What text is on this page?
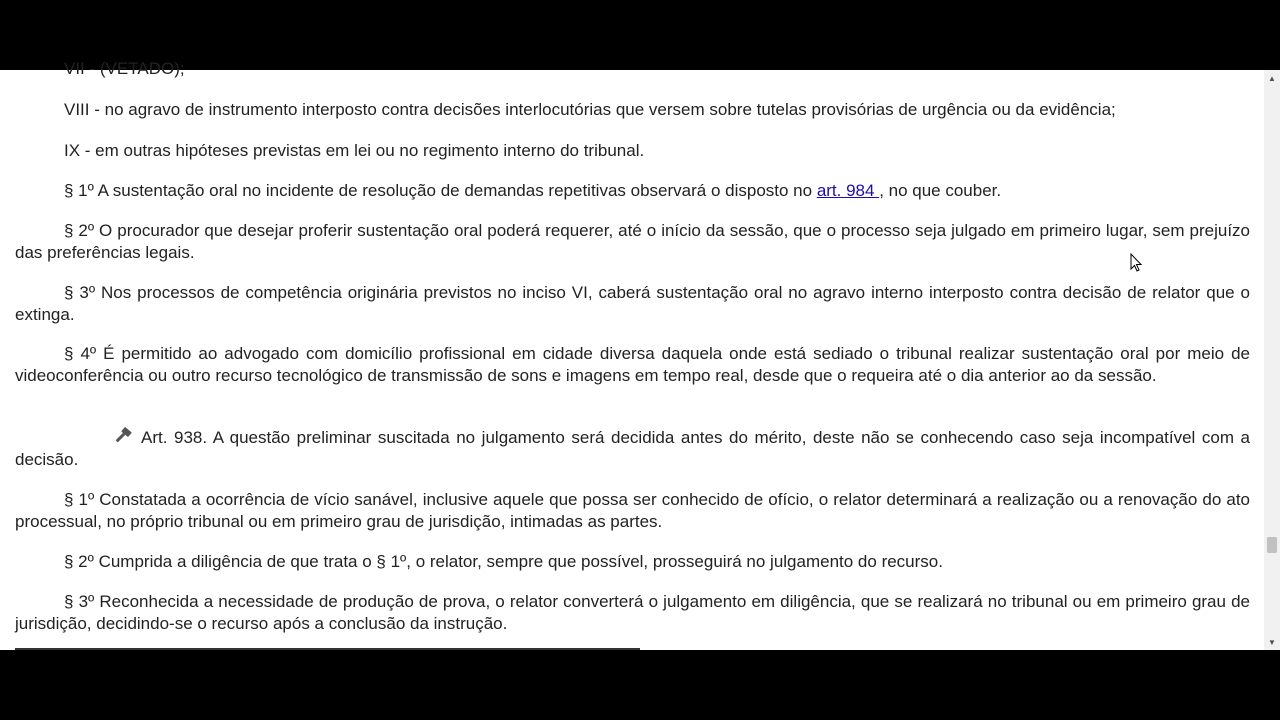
VII - (VETADO);

VIII - no agravo de instrumento interposto contra decisões interlocutórias que versem sobre tutelas provisórias de urgência ou da evidência;

IX - em outras hipóteses previstas em lei ou no regimento interno do tribunal.

§ 1º A sustentação oral no incidente de resolução de demandas repetitivas observará o disposto no art. 984 , no que couber.

§ 2º O procurador que desejar proferir sustentação oral poderá requerer, até o início da sessão, que o processo seja julgado em primeiro lugar, sem prejuízo das preferências legais.

§ 3º Nos processos de competência originária previstos no inciso VI, caberá sustentação oral no agravo interno interposto contra decisão de relator que o extinga.

§ 4º É permitido ao advogado com domicílio profissional em cidade diversa daquela onde está sediado o tribunal realizar sustentação oral por meio de videoconferência ou outro recurso tecnológico de transmissão de sons e imagens em tempo real, desde que o requeira até o dia anterior ao da sessão.

Art. 938. A questão preliminar suscitada no julgamento será decidida antes do mérito, deste não se conhecendo caso seja incompatível com a decisão.

§ 1º Constatada a ocorrência de vício sanável, inclusive aquele que possa ser conhecido de ofício, o relator determinará a realização ou a renovação do ato processual, no próprio tribunal ou em primeiro grau de jurisdição, intimadas as partes.

§ 2º Cumprida a diligência de que trata o § 1º, o relator, sempre que possível, prosseguirá no julgamento do recurso.

§ 3º Reconhecida a necessidade de produção de prova, o relator converterá o julgamento em diligência, que se realizará no tribunal ou em primeiro grau de jurisdição, decidindo-se o recurso após a conclusão da instrução.

▲
▼
